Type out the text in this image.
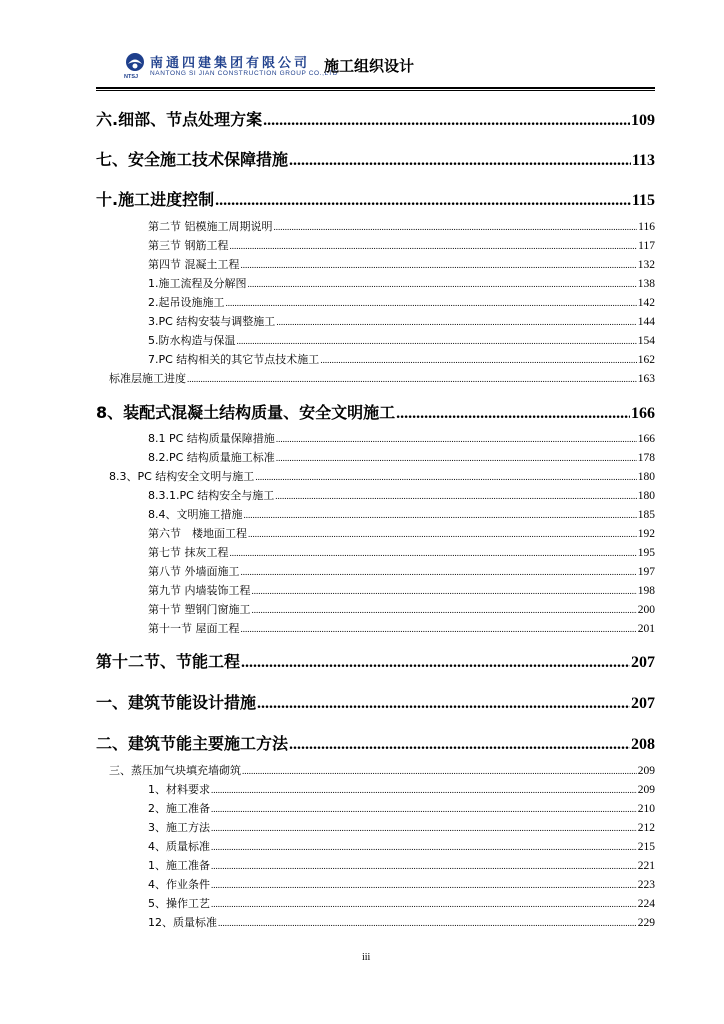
NTSJ
南通四建集团有限公司
NANTONG SI JIAN CONSTRUCTION GROUP CO.,LTD
施工组织设计
六.细部、节点处理方案 .....	109
七、安全施工技术保障措施 .....	113
十.施工进度控制 .....	115
第二节 铝模施工周期说明 .....	116
第三节 钢筋工程 .....	117
第四节 混凝土工程 .....	132
1.施工流程及分解图 .....	138
2.起吊设施施工 .....	142
3.PC 结构安装与调整施工 .....	144
5.防水构造与保温 .....	154
7.PC 结构相关的其它节点技术施工 .....	162
标准层施工进度 .....	163
8、装配式混凝土结构质量、安全文明施工 .....	166
8.1 PC 结构质量保障措施 .....	166
8.2.PC 结构质量施工标准 .....	178
8.3、PC 结构安全文明与施工 .....	180
8.3.1.PC 结构安全与施工 .....	180
8.4、文明施工措施 .....	185
第六节　楼地面工程 .....	192
第七节 抹灰工程 .....	195
第八节 外墙面施工 .....	197
第九节 内墙装饰工程 .....	198
第十节 塑钢门窗施工 .....	200
第十一节 屋面工程 .....	201
第十二节、节能工程 .....	207
一、建筑节能设计措施 .....	207
二、建筑节能主要施工方法 .....	208
三、蒸压加气块填充墙砌筑 .....	209
1、材料要求 .....	209
2、施工准备 .....	210
3、施工方法 .....	212
4、质量标准 .....	215
1、施工准备 .....	221
4、作业条件 .....	223
5、操作工艺 .....	224
12、质量标准 .....	229
iii
